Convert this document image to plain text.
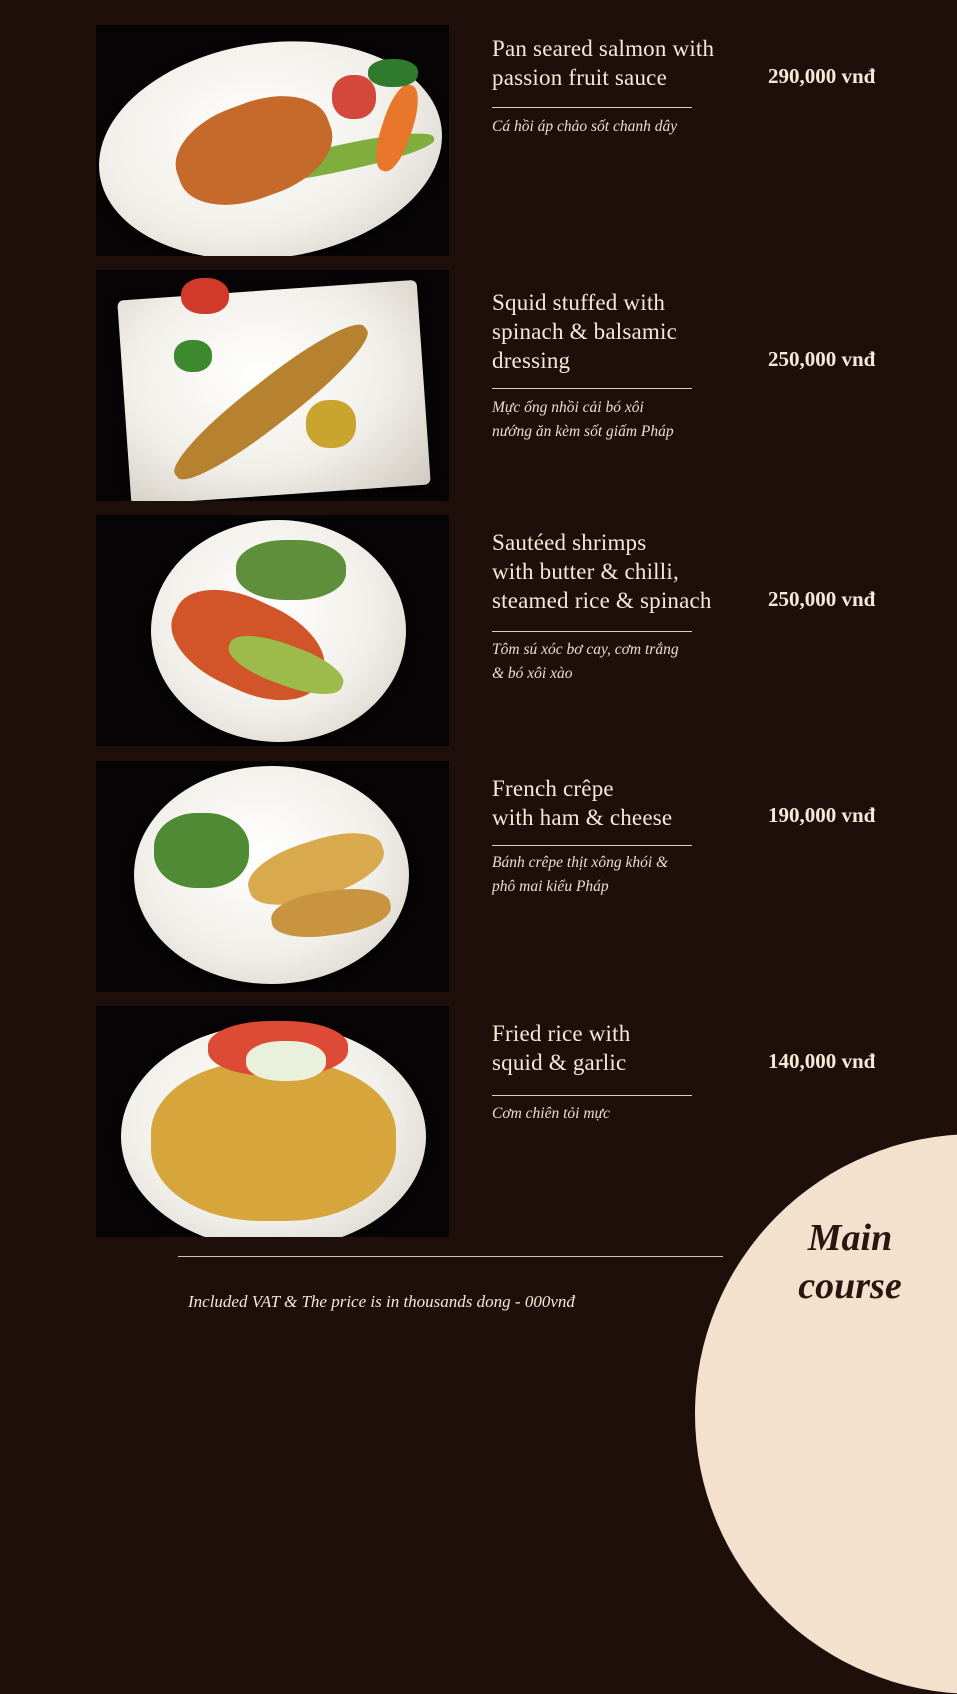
Pan seared salmon with
passion fruit sauce
Cá hồi áp chảo sốt chanh dây
290,000 vnđ
Squid stuffed with
spinach & balsamic
dressing
Mực ống nhồi cải bó xôi
nướng ăn kèm sốt giấm Pháp
250,000 vnđ
Sautéed shrimps
with butter & chilli,
steamed rice & spinach
Tôm sú xóc bơ cay, cơm trắng
& bó xôi xào
250,000 vnđ
French crêpe
with ham & cheese
Bánh crêpe thịt xông khói &
phô mai kiểu Pháp
190,000 vnđ
Fried rice with
squid & garlic
Cơm chiên tỏi mực
140,000 vnđ
Main
course
Included VAT & The price is in thousands dong - 000vnđ
